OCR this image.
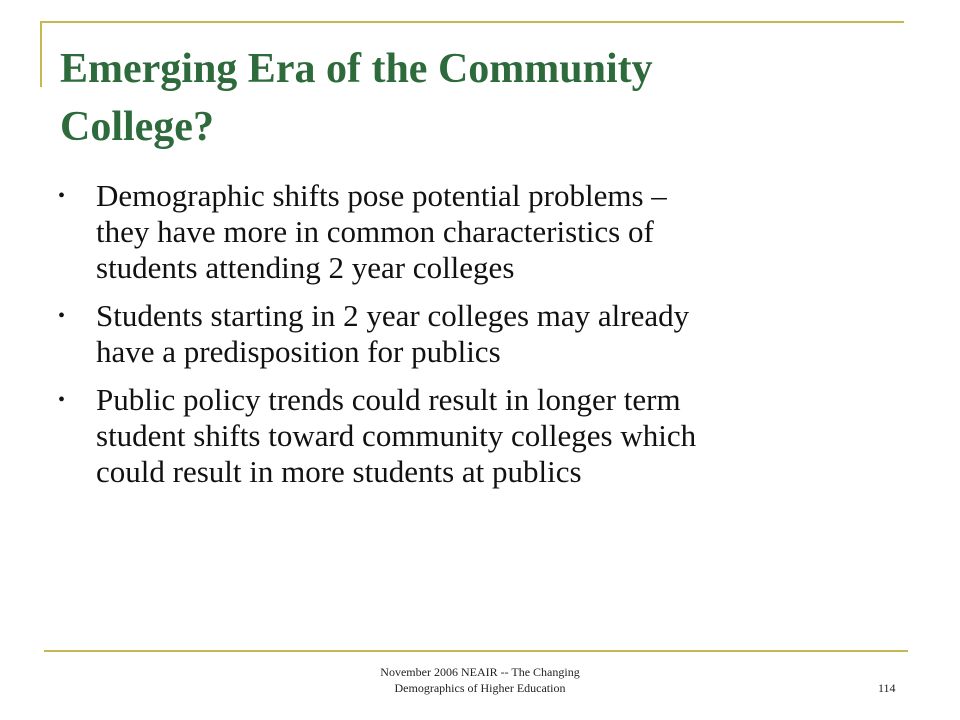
Emerging Era of the Community
College?
• Demographic shifts pose potential problems –
they have more in common characteristics of
students attending 2 year colleges
• Students starting in 2 year colleges may already
have a predisposition for publics
• Public policy trends could result in longer term
student shifts toward community colleges which
could result in more students at publics
November 2006 NEAIR -- The Changing
Demographics of Higher Education	114
